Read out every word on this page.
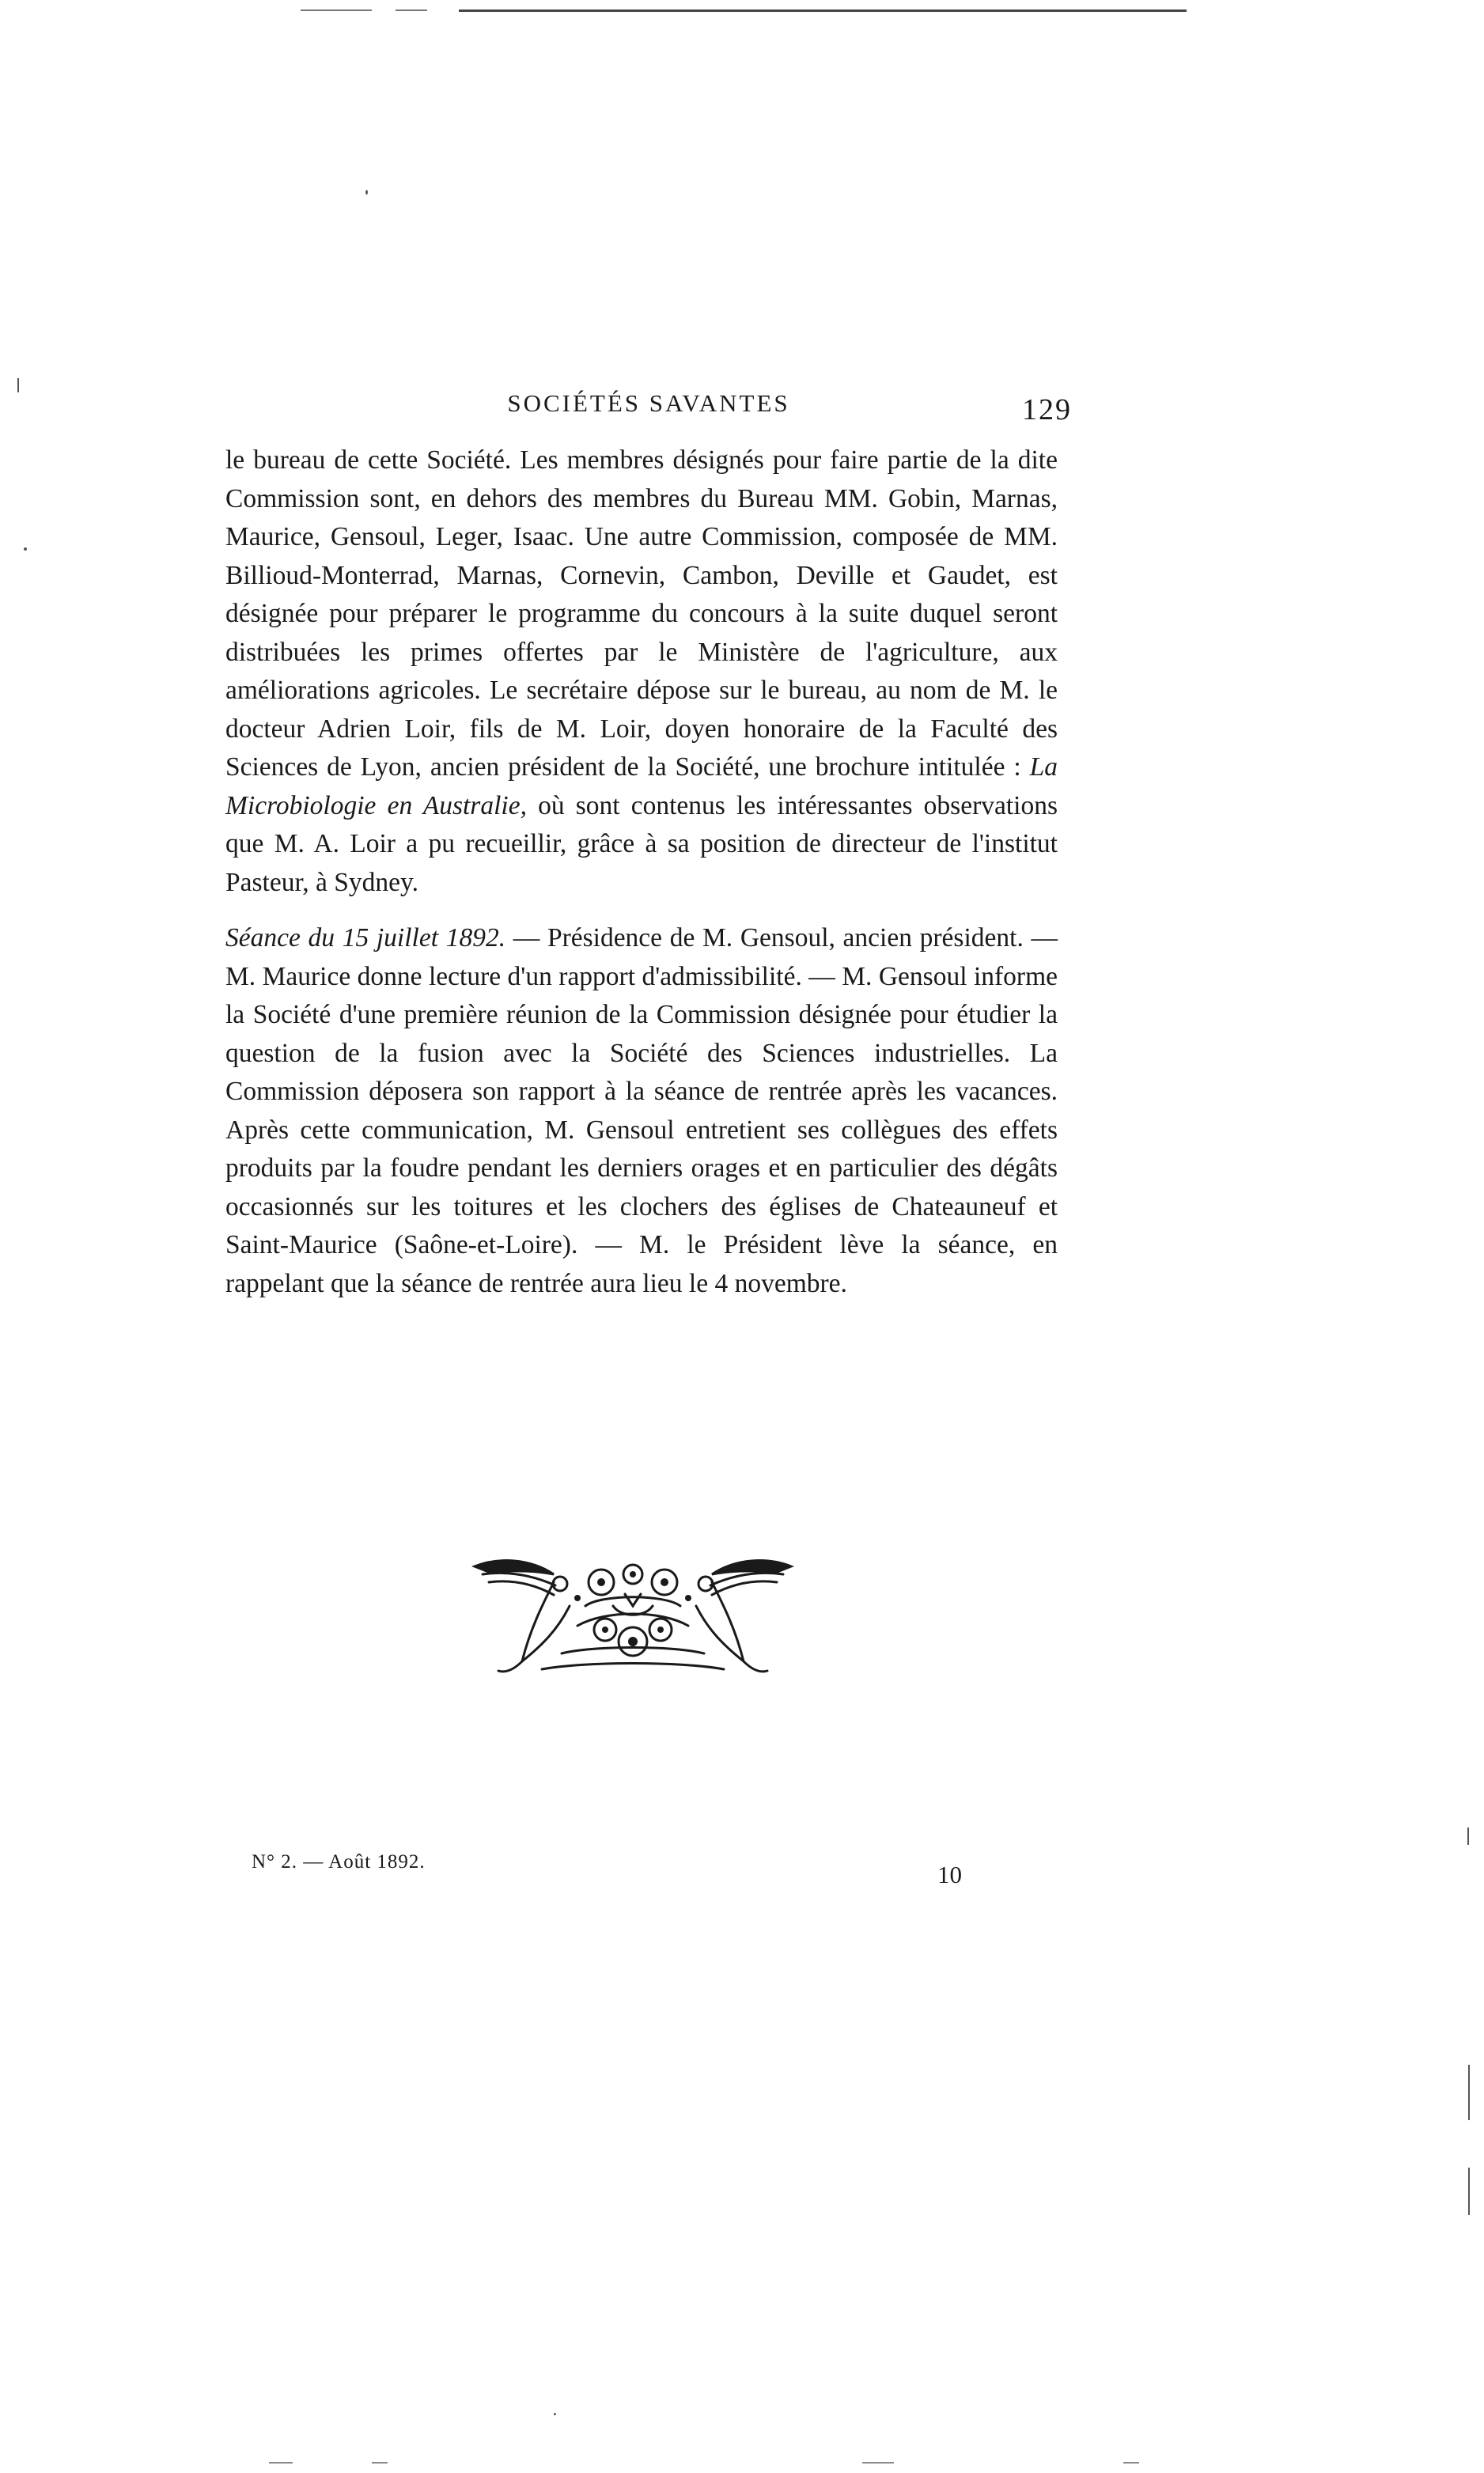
SOCIÉTÉS SAVANTES	129

le bureau de cette Société. Les membres désignés pour faire partie de la dite Commission sont, en dehors des membres du Bureau MM. Gobin, Marnas, Maurice, Gensoul, Leger, Isaac. Une autre Commission, composée de MM. Billioud-Monterrad, Marnas, Cornevin, Cambon, Deville et Gaudet, est désignée pour préparer le programme du concours à la suite duquel seront distribuées les primes offertes par le Ministère de l'agriculture, aux améliorations agricoles. Le secrétaire dépose sur le bureau, au nom de M. le docteur Adrien Loir, fils de M. Loir, doyen honoraire de la Faculté des Sciences de Lyon, ancien président de la Société, une brochure intitulée : La Microbiologie en Australie, où sont contenus les intéressantes observations que M. A. Loir a pu recueillir, grâce à sa position de directeur de l'institut Pasteur, à Sydney.

Séance du 15 juillet 1892. — Présidence de M. Gensoul, ancien président. — M. Maurice donne lecture d'un rapport d'admissibilité. — M. Gensoul informe la Société d'une première réunion de la Commission désignée pour étudier la question de la fusion avec la Société des Sciences industrielles. La Commission déposera son rapport à la séance de rentrée après les vacances. Après cette communication, M. Gensoul entretient ses collègues des effets produits par la foudre pendant les derniers orages et en particulier des dégâts occasionnés sur les toitures et les clochers des églises de Chateauneuf et Saint-Maurice (Saône-et-Loire). — M. le Président lève la séance, en rappelant que la séance de rentrée aura lieu le 4 novembre.

N° 2. — Août 1892.	10
